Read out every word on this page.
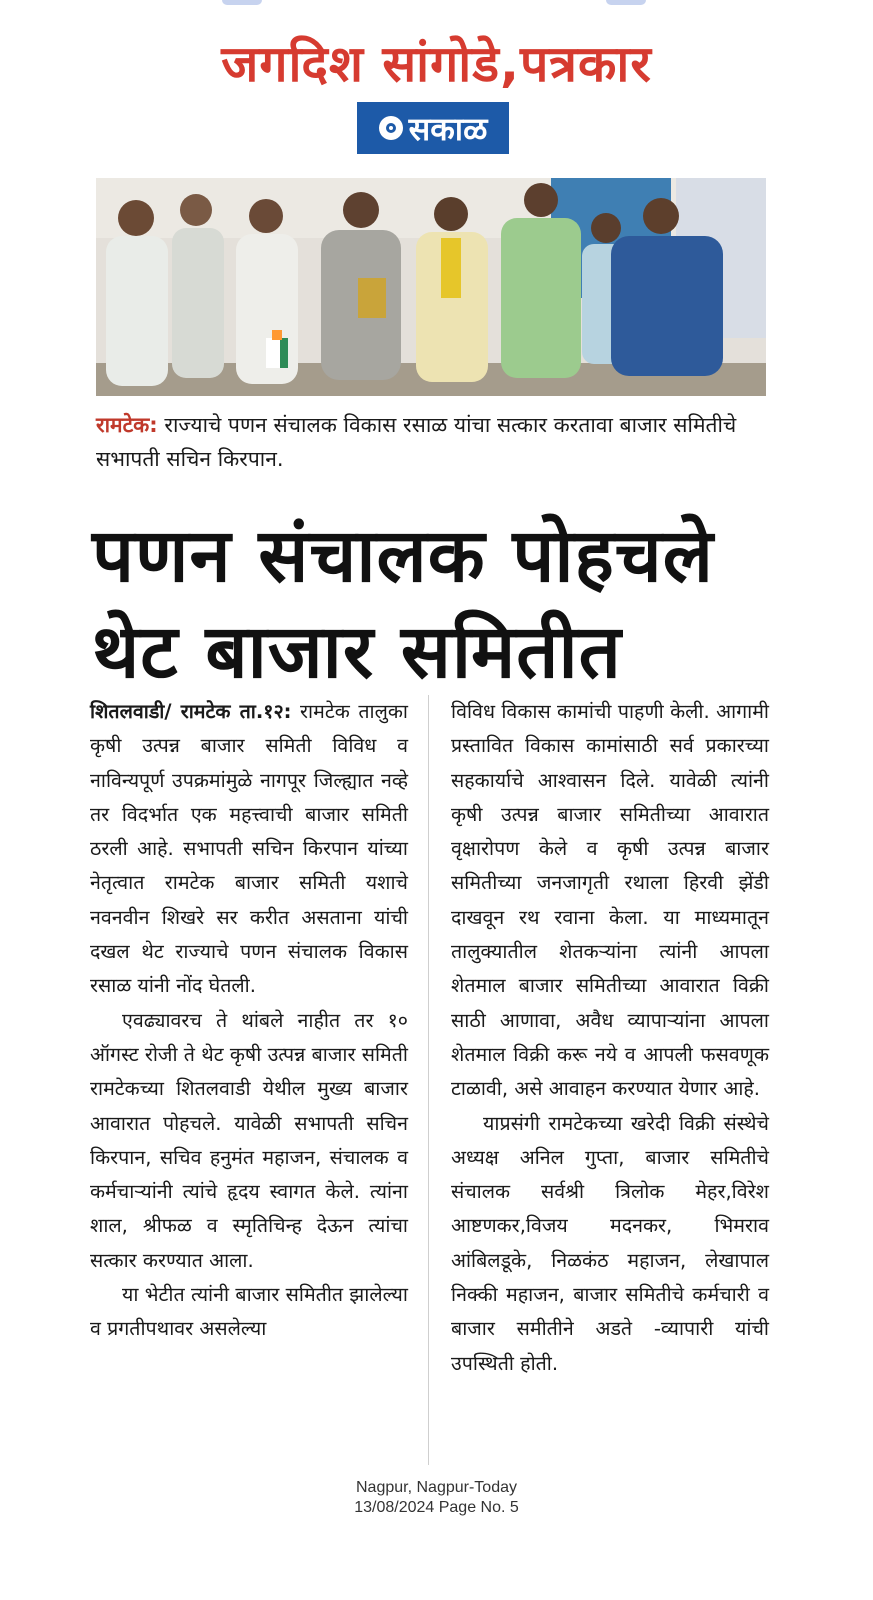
जगदिश सांगोडे,पत्रकार
सकाळ
रामटेक: राज्याचे पणन संचालक विकास रसाळ यांचा सत्कार करतावा बाजार समितीचे सभापती सचिन किरपान.
पणन संचालक पोहचले
थेट बाजार समितीत

शितलवाडी/ रामटेक ता.१२: रामटेक तालुका कृषी उत्पन्न बाजार समिती विविध व नाविन्यपूर्ण उपक्रमांमुळे नागपूर जिल्ह्यात नव्हे तर विदर्भात एक महत्त्वाची बाजार समिती ठरली आहे. सभापती सचिन किरपान यांच्या नेतृत्वात रामटेक बाजार समिती यशाचे नवनवीन शिखरे सर करीत असताना यांची दखल थेट राज्याचे पणन संचालक विकास रसाळ यांनी नोंद घेतली.

एवढ्यावरच ते थांबले नाहीत तर १० ऑगस्ट रोजी ते थेट कृषी उत्पन्न बाजार समिती रामटेकच्या शितलवाडी येथील मुख्य बाजार आवारात पोहचले. यावेळी सभापती सचिन किरपान, सचिव हनुमंत महाजन, संचालक व कर्मचाऱ्यांनी त्यांचे हृदय स्वागत केले. त्यांना शाल, श्रीफळ व स्मृतिचिन्ह देऊन त्यांचा सत्कार करण्यात आला.

या भेटीत त्यांनी बाजार समितीत झालेल्या व प्रगतीपथावर असलेल्या

विविध विकास कामांची पाहणी केली. आगामी प्रस्तावित विकास कामांसाठी सर्व प्रकारच्या सहकार्याचे आश्वासन दिले. यावेळी त्यांनी कृषी उत्पन्न बाजार समितीच्या आवारात वृक्षारोपण केले व कृषी उत्पन्न बाजार समितीच्या जनजागृती रथाला हिरवी झेंडी दाखवून रथ रवाना केला. या माध्यमातून तालुक्यातील शेतकऱ्यांना त्यांनी आपला शेतमाल बाजार समितीच्या आवारात विक्री साठी आणावा, अवैध व्यापाऱ्यांना आपला शेतमाल विक्री करू नये व आपली फसवणूक टाळावी, असे आवाहन करण्यात येणार आहे.

याप्रसंगी रामटेकच्या खरेदी विक्री संस्थेचे अध्यक्ष अनिल गुप्ता, बाजार समितीचे संचालक सर्वश्री त्रिलोक मेहर,विरेश आष्टणकर,विजय मदनकर, भिमराव आंबिलडूके, निळकंठ महाजन, लेखापाल निक्की महाजन, बाजार समितीचे कर्मचारी व बाजार समीतीने अडते -व्यापारी यांची उपस्थिती होती.

Nagpur, Nagpur-Today
13/08/2024 Page No. 5
